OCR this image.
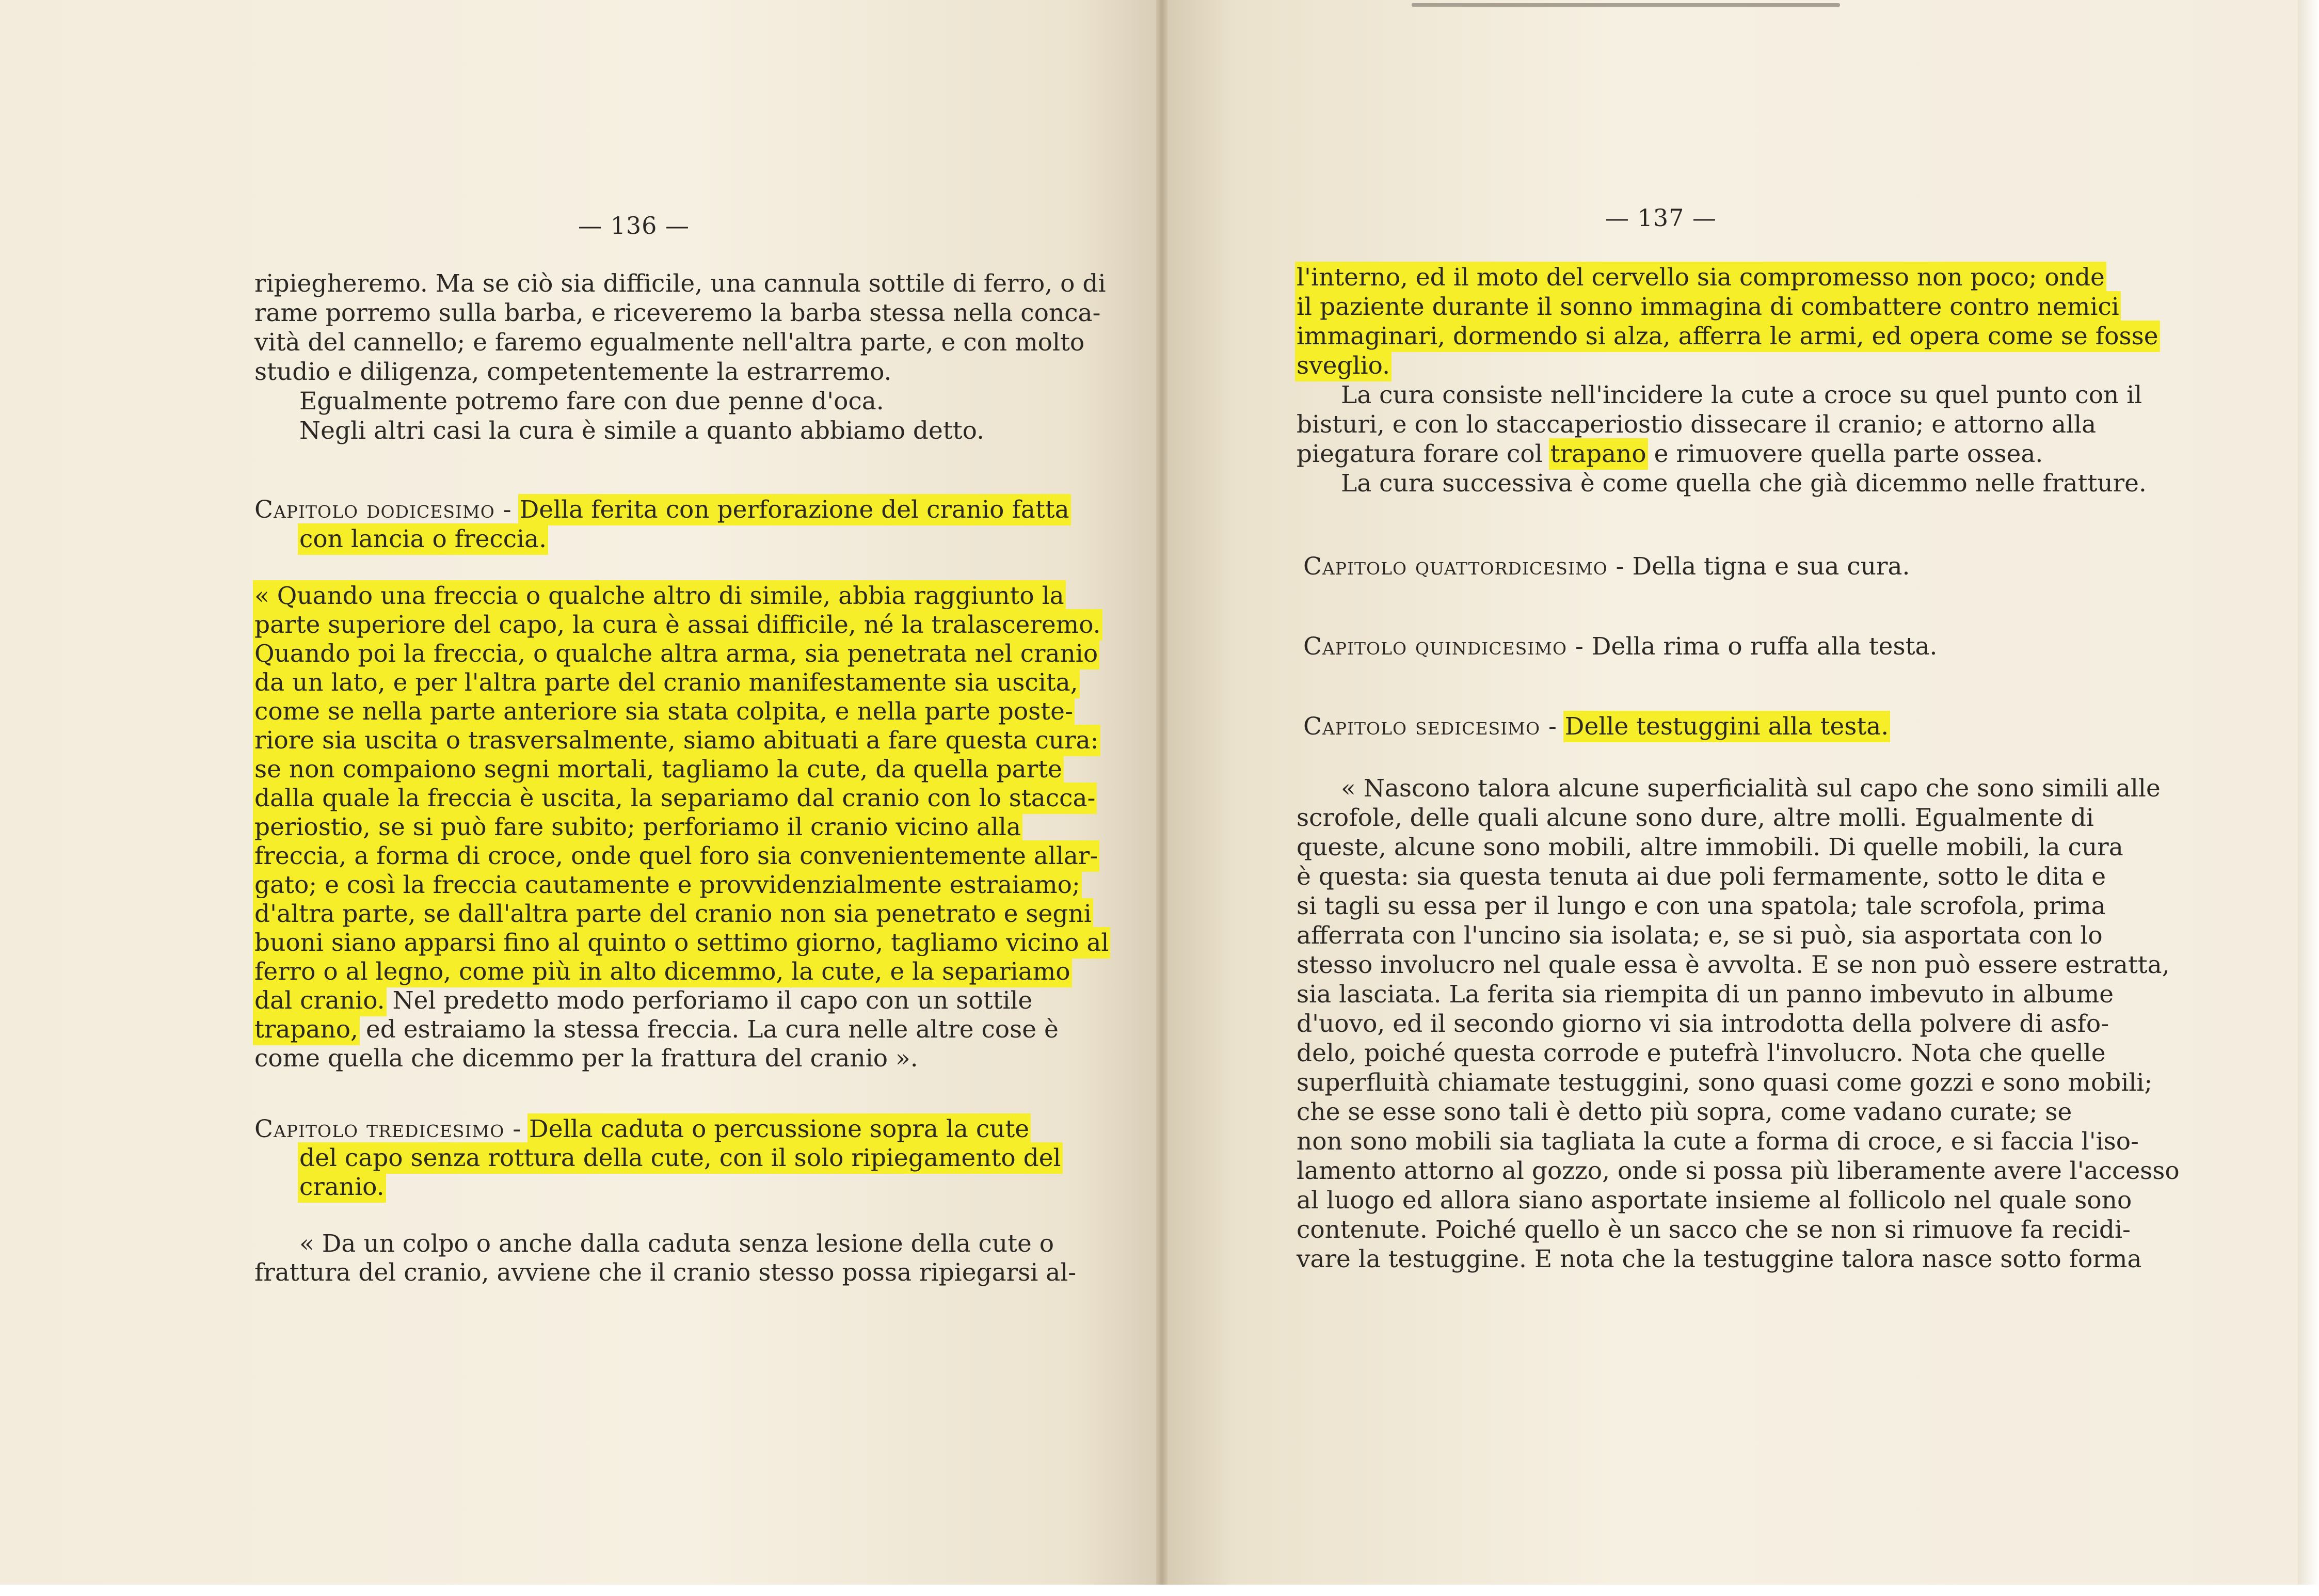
— 136 —
ripiegheremo. Ma se ciò sia difficile, una cannula sottile di ferro, o di
rame porremo sulla barba, e riceveremo la barba stessa nella conca-
vità del cannello; e faremo egualmente nell'altra parte, e con molto
studio e diligenza, competentemente la estrarremo.
Egualmente potremo fare con due penne d'oca.
Negli altri casi la cura è simile a quanto abbiamo detto.
Capitolo dodicesimo - Della ferita con perforazione del cranio fatta
con lancia o freccia.
« Quando una freccia o qualche altro di simile, abbia raggiunto la
parte superiore del capo, la cura è assai difficile, né la tralasceremo.
Quando poi la freccia, o qualche altra arma, sia penetrata nel cranio
da un lato, e per l'altra parte del cranio manifestamente sia uscita,
come se nella parte anteriore sia stata colpita, e nella parte poste-
riore sia uscita o trasversalmente, siamo abituati a fare questa cura:
se non compaiono segni mortali, tagliamo la cute, da quella parte
dalla quale la freccia è uscita, la separiamo dal cranio con lo stacca-
periostio, se si può fare subito; perforiamo il cranio vicino alla
freccia, a forma di croce, onde quel foro sia convenientemente allar-
gato; e così la freccia cautamente e provvidenzialmente estraiamo;
d'altra parte, se dall'altra parte del cranio non sia penetrato e segni
buoni siano apparsi fino al quinto o settimo giorno, tagliamo vicino al
ferro o al legno, come più in alto dicemmo, la cute, e la separiamo
dal cranio. Nel predetto modo perforiamo il capo con un sottile
trapano, ed estraiamo la stessa freccia. La cura nelle altre cose è
come quella che dicemmo per la frattura del cranio ».
Capitolo tredicesimo - Della caduta o percussione sopra la cute
del capo senza rottura della cute, con il solo ripiegamento del
cranio.
« Da un colpo o anche dalla caduta senza lesione della cute o
frattura del cranio, avviene che il cranio stesso possa ripiegarsi al-
— 137 —
l'interno, ed il moto del cervello sia compromesso non poco; onde
il paziente durante il sonno immagina di combattere contro nemici
immaginari, dormendo si alza, afferra le armi, ed opera come se fosse
sveglio.
La cura consiste nell'incidere la cute a croce su quel punto con il
bisturi, e con lo staccaperiostio dissecare il cranio; e attorno alla
piegatura forare col trapano e rimuovere quella parte ossea.
La cura successiva è come quella che già dicemmo nelle fratture.
Capitolo quattordicesimo - Della tigna e sua cura.
Capitolo quindicesimo - Della rima o ruffa alla testa.
Capitolo sedicesimo - Delle testuggini alla testa.
« Nascono talora alcune superficialità sul capo che sono simili alle
scrofole, delle quali alcune sono dure, altre molli. Egualmente di
queste, alcune sono mobili, altre immobili. Di quelle mobili, la cura
è questa: sia questa tenuta ai due poli fermamente, sotto le dita e
si tagli su essa per il lungo e con una spatola; tale scrofola, prima
afferrata con l'uncino sia isolata; e, se si può, sia asportata con lo
stesso involucro nel quale essa è avvolta. E se non può essere estratta,
sia lasciata. La ferita sia riempita di un panno imbevuto in albume
d'uovo, ed il secondo giorno vi sia introdotta della polvere di asfo-
delo, poiché questa corrode e putefrà l'involucro. Nota che quelle
superfluità chiamate testuggini, sono quasi come gozzi e sono mobili;
che se esse sono tali è detto più sopra, come vadano curate; se
non sono mobili sia tagliata la cute a forma di croce, e si faccia l'iso-
lamento attorno al gozzo, onde si possa più liberamente avere l'accesso
al luogo ed allora siano asportate insieme al follicolo nel quale sono
contenute. Poiché quello è un sacco che se non si rimuove fa recidi-
vare la testuggine. E nota che la testuggine talora nasce sotto forma
